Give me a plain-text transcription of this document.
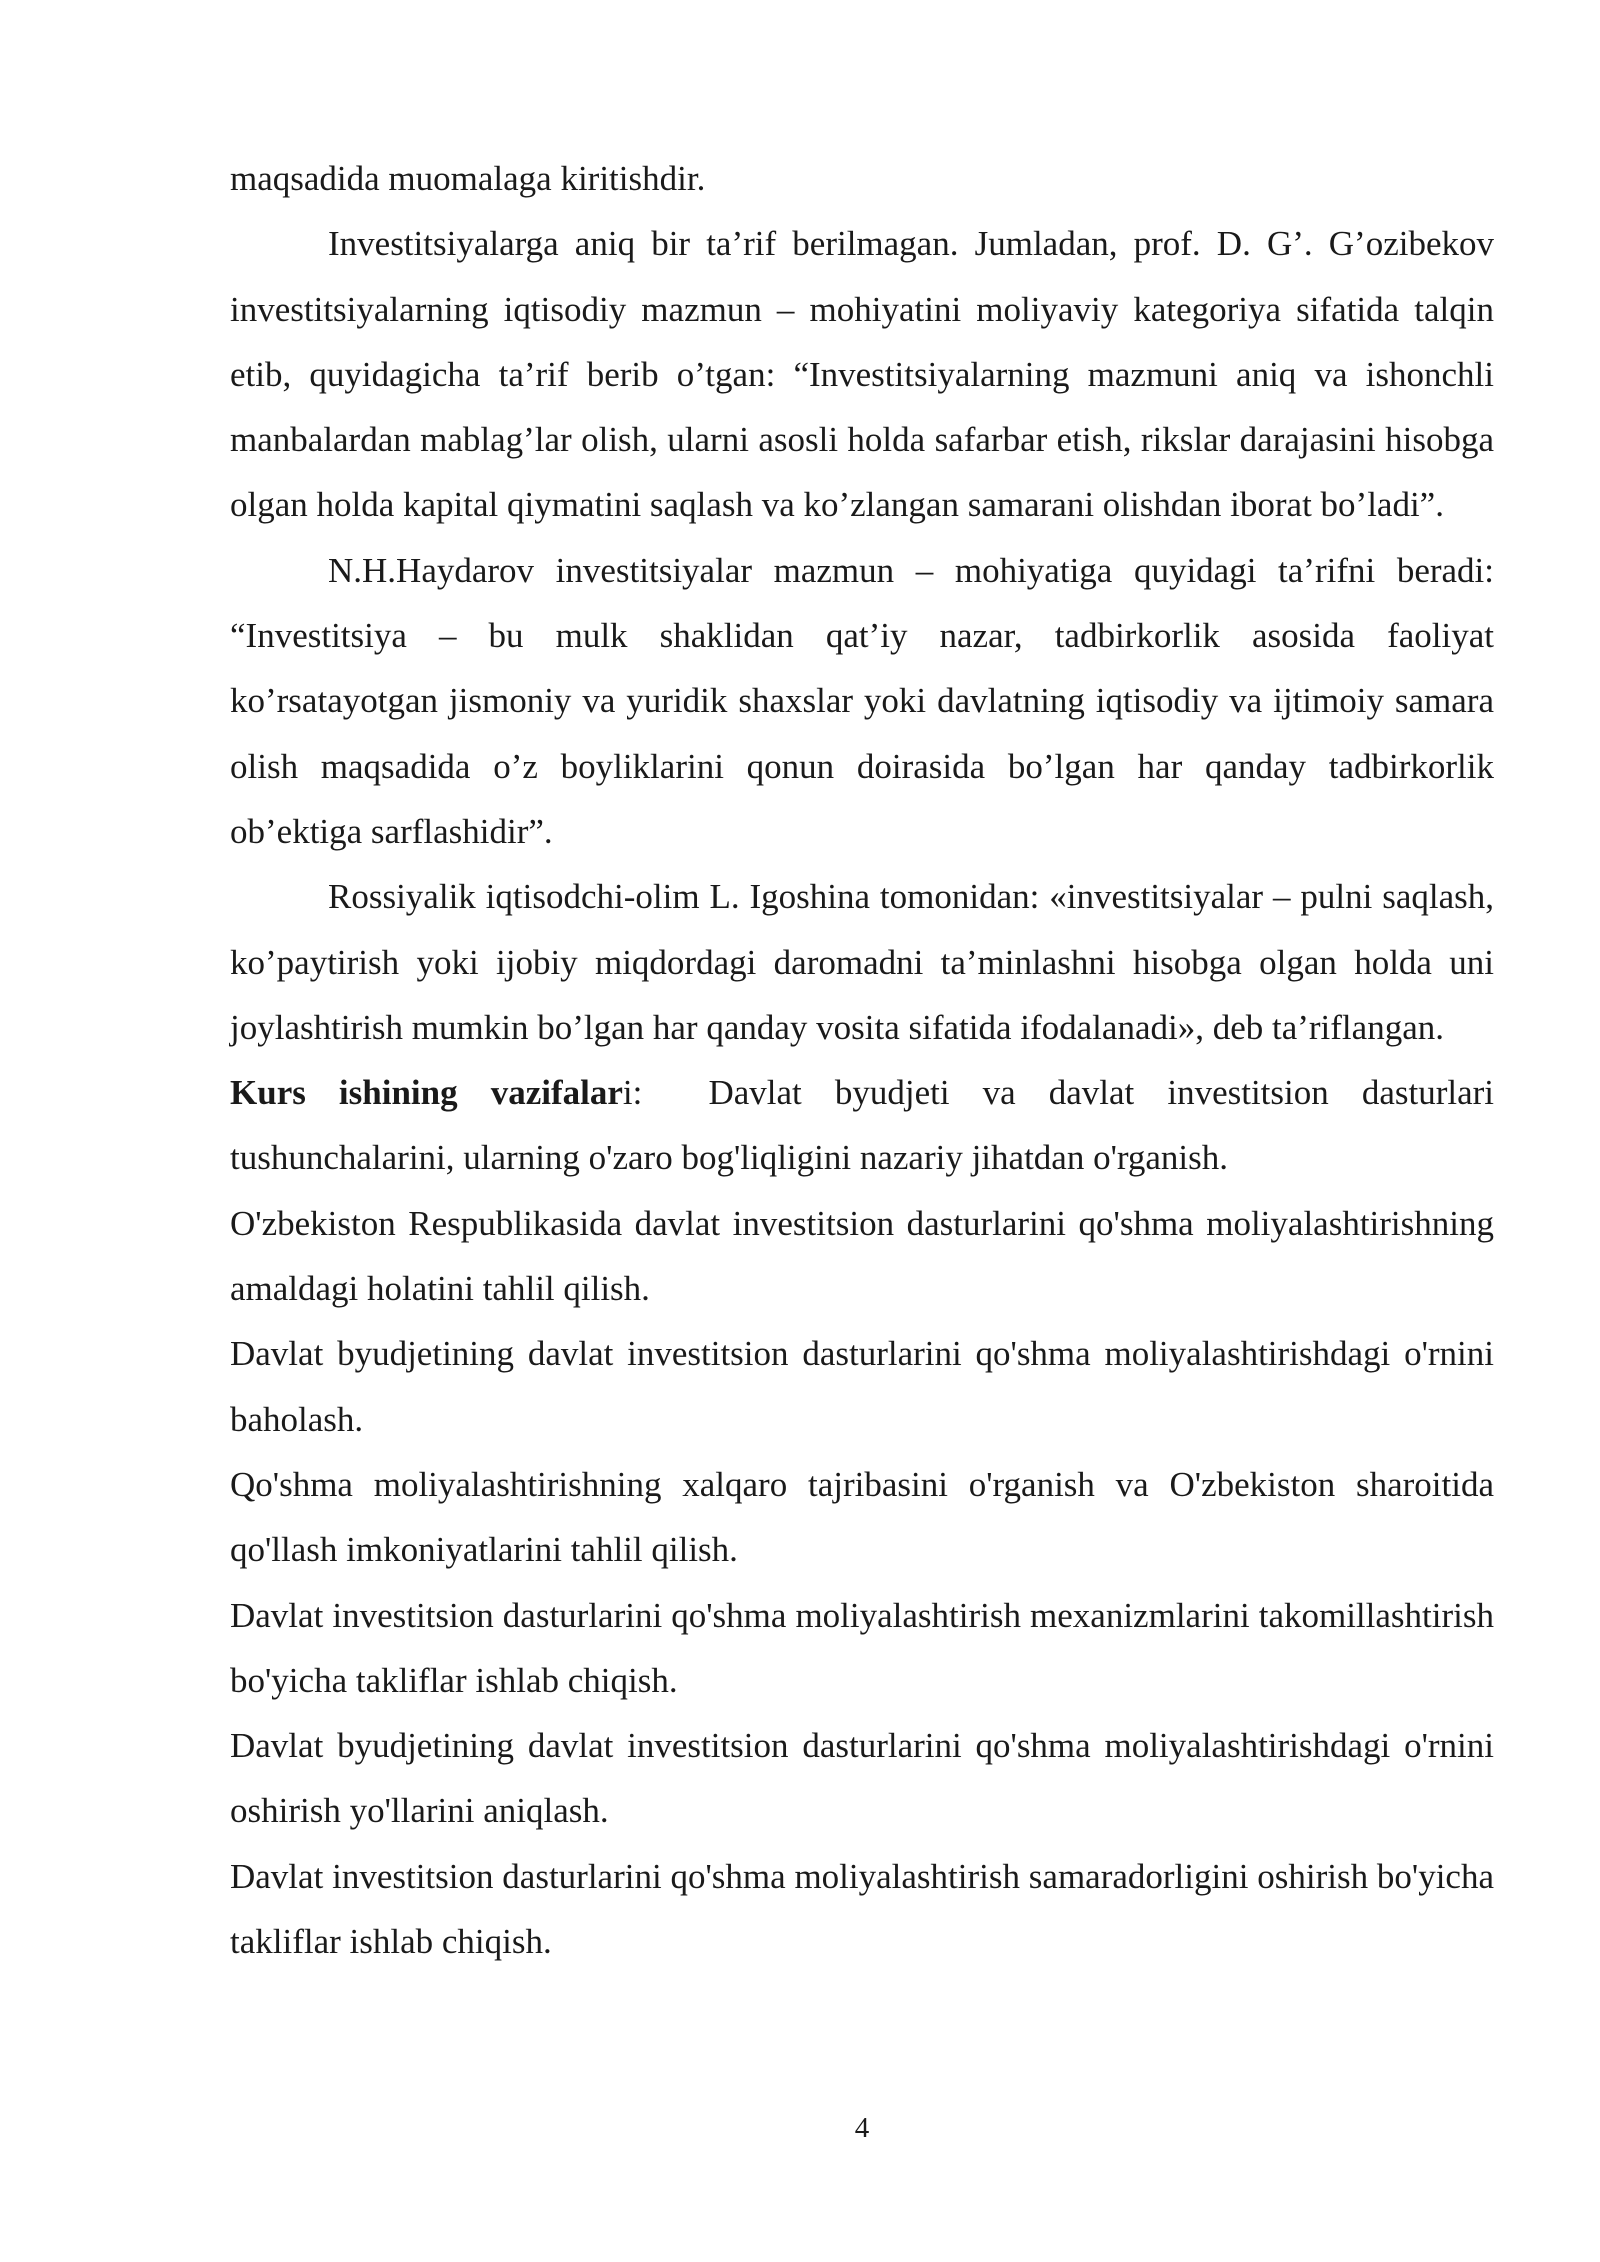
maqsadida muomalaga kiritishdir.

Investitsiyalarga aniq bir ta’rif berilmagan. Jumladan, prof. D. G’. G’ozibekov investitsiyalarning iqtisodiy mazmun – mohiyatini moliyaviy kategoriya sifatida talqin etib, quyidagicha ta’rif berib o’tgan: “Investitsiyalarning mazmuni aniq va ishonchli manbalardan mablag’lar olish, ularni asosli holda safarbar etish, rikslar darajasini hisobga olgan holda kapital qiymatini saqlash va ko’zlangan samarani olishdan iborat bo’ladi”.

N.H.Haydarov investitsiyalar mazmun – mohiyatiga quyidagi ta’rifni beradi: “Investitsiya – bu mulk shaklidan qat’iy nazar, tadbirkorlik asosida faoliyat ko’rsatayotgan jismoniy va yuridik shaxslar yoki davlatning iqtisodiy va ijtimoiy samara olish maqsadida o’z boyliklarini qonun doirasida bo’lgan har qanday tadbirkorlik ob’ektiga sarflashidir”.

Rossiyalik iqtisodchi-olim L. Igoshina tomonidan: «investitsiyalar – pulni saqlash, ko’paytirish yoki ijobiy miqdordagi daromadni ta’minlashni hisobga olgan holda uni joylashtirish mumkin bo’lgan har qanday vosita sifatida ifodalanadi», deb ta’riflangan.

Kurs ishining vazifalari: Davlat byudjeti va davlat investitsion dasturlari tushunchalarini, ularning o'zaro bog'liqligini nazariy jihatdan o'rganish.

O'zbekiston Respublikasida davlat investitsion dasturlarini qo'shma moliyalashtirishning amaldagi holatini tahlil qilish.

Davlat byudjetining davlat investitsion dasturlarini qo'shma moliyalashtirishdagi o'rnini baholash.

Qo'shma moliyalashtirishning xalqaro tajribasini o'rganish va O'zbekiston sharoitida qo'llash imkoniyatlarini tahlil qilish.

Davlat investitsion dasturlarini qo'shma moliyalashtirish mexanizmlarini takomillashtirish bo'yicha takliflar ishlab chiqish.

Davlat byudjetining davlat investitsion dasturlarini qo'shma moliyalashtirishdagi o'rnini oshirish yo'llarini aniqlash.

Davlat investitsion dasturlarini qo'shma moliyalashtirish samaradorligini oshirish bo'yicha takliflar ishlab chiqish.

4
